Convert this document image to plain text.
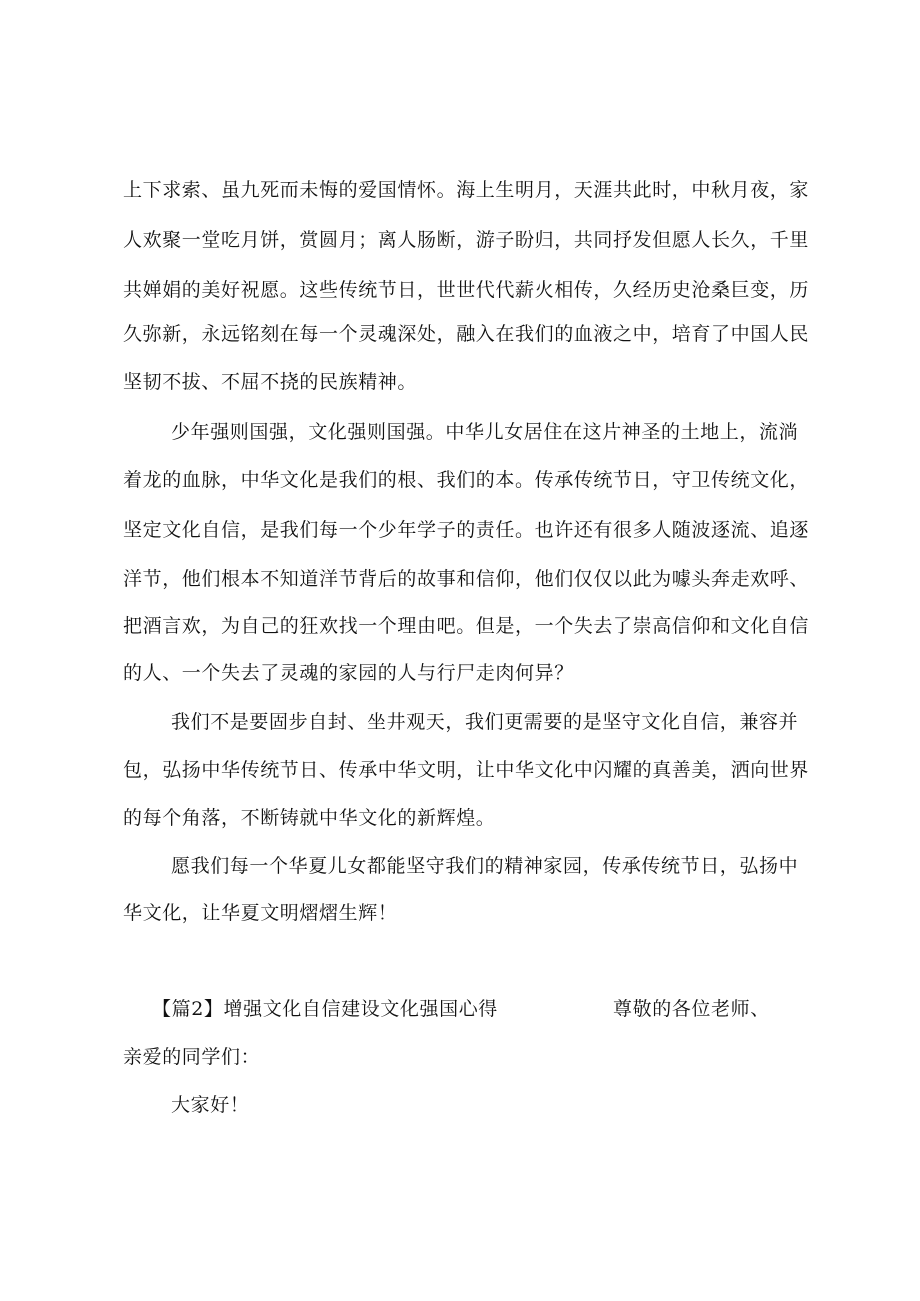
上下求索、虽九死而未悔的爱国情怀。海上生明月，天涯共此时，中秋月夜，家
人欢聚一堂吃月饼，赏圆月；离人肠断，游子盼归，共同抒发但愿人长久，千里
共婵娟的美好祝愿。这些传统节日，世世代代薪火相传，久经历史沧桑巨变，历
久弥新，永远铭刻在每一个灵魂深处，融入在我们的血液之中，培育了中国人民
坚韧不拔、不屈不挠的民族精神。
少年强则国强，文化强则国强。中华儿女居住在这片神圣的土地上，流淌
着龙的血脉，中华文化是我们的根、我们的本。传承传统节日，守卫传统文化，
坚定文化自信，是我们每一个少年学子的责任。也许还有很多人随波逐流、追逐
洋节，他们根本不知道洋节背后的故事和信仰，他们仅仅以此为噱头奔走欢呼、
把酒言欢，为自己的狂欢找一个理由吧。但是，一个失去了崇高信仰和文化自信
的人、一个失去了灵魂的家园的人与行尸走肉何异？
我们不是要固步自封、坐井观天，我们更需要的是坚守文化自信，兼容并
包，弘扬中华传统节日、传承中华文明，让中华文化中闪耀的真善美，洒向世界
的每个角落，不断铸就中华文化的新辉煌。
愿我们每一个华夏儿女都能坚守我们的精神家园，传承传统节日，弘扬中
华文化，让华夏文明熠熠生辉！
【篇2】增强文化自信建设文化强国心得	尊敬的各位老师、
亲爱的同学们：
大家好！
